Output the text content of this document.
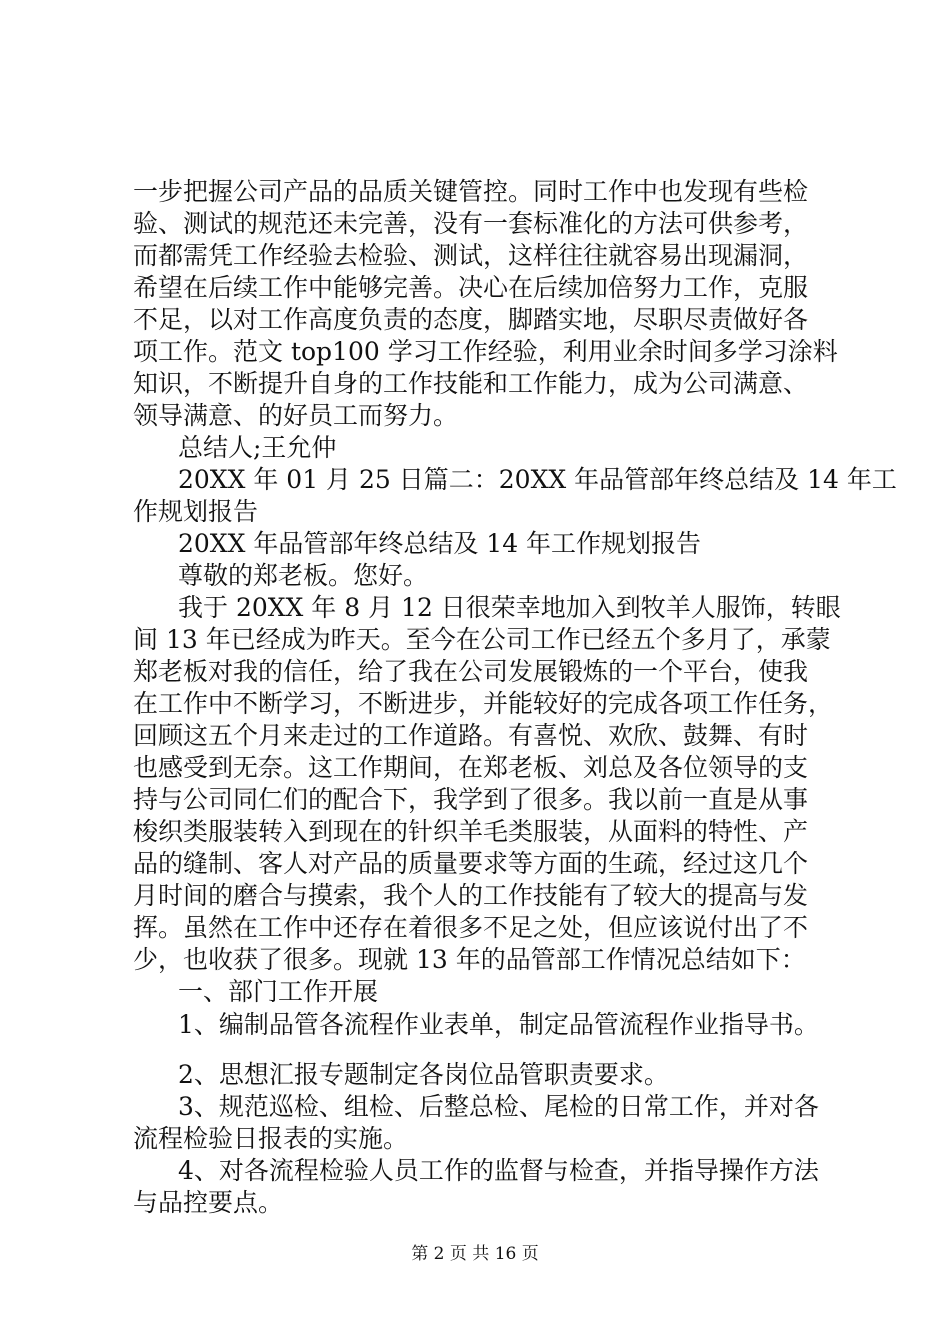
一步把握公司产品的品质关键管控。同时工作中也发现有些检
验、测试的规范还未完善，没有一套标准化的方法可供参考，
而都需凭工作经验去检验、测试，这样往往就容易出现漏洞，
希望在后续工作中能够完善。决心在后续加倍努力工作，克服
不足，以对工作高度负责的态度，脚踏实地，尽职尽责做好各
项工作。范文 top100 学习工作经验，利用业余时间多学习涂料
知识，不断提升自身的工作技能和工作能力，成为公司满意、
领导满意、的好员工而努力。
总结人;王允仲
20XX 年 01 月 25 日篇二：20XX 年品管部年终总结及 14 年工
作规划报告
20XX 年品管部年终总结及 14 年工作规划报告
尊敬的郑老板。您好。
我于 20XX 年 8 月 12 日很荣幸地加入到牧羊人服饰，转眼
间 13 年已经成为昨天。至今在公司工作已经五个多月了，承蒙
郑老板对我的信任，给了我在公司发展锻炼的一个平台，使我
在工作中不断学习，不断进步，并能较好的完成各项工作任务，
回顾这五个月来走过的工作道路。有喜悦、欢欣、鼓舞、有时
也感受到无奈。这工作期间，在郑老板、刘总及各位领导的支
持与公司同仁们的配合下，我学到了很多。我以前一直是从事
梭织类服装转入到现在的针织羊毛类服装，从面料的特性、产
品的缝制、客人对产品的质量要求等方面的生疏，经过这几个
月时间的磨合与摸索，我个人的工作技能有了较大的提高与发
挥。虽然在工作中还存在着很多不足之处，但应该说付出了不
少，也收获了很多。现就 13 年的品管部工作情况总结如下：
一、部门工作开展
1、编制品管各流程作业表单，制定品管流程作业指导书。
2、思想汇报专题制定各岗位品管职责要求。
3、规范巡检、组检、后整总检、尾检的日常工作，并对各
流程检验日报表的实施。
4、对各流程检验人员工作的监督与检查，并指导操作方法
与品控要点。
第 2 页 共 16 页
